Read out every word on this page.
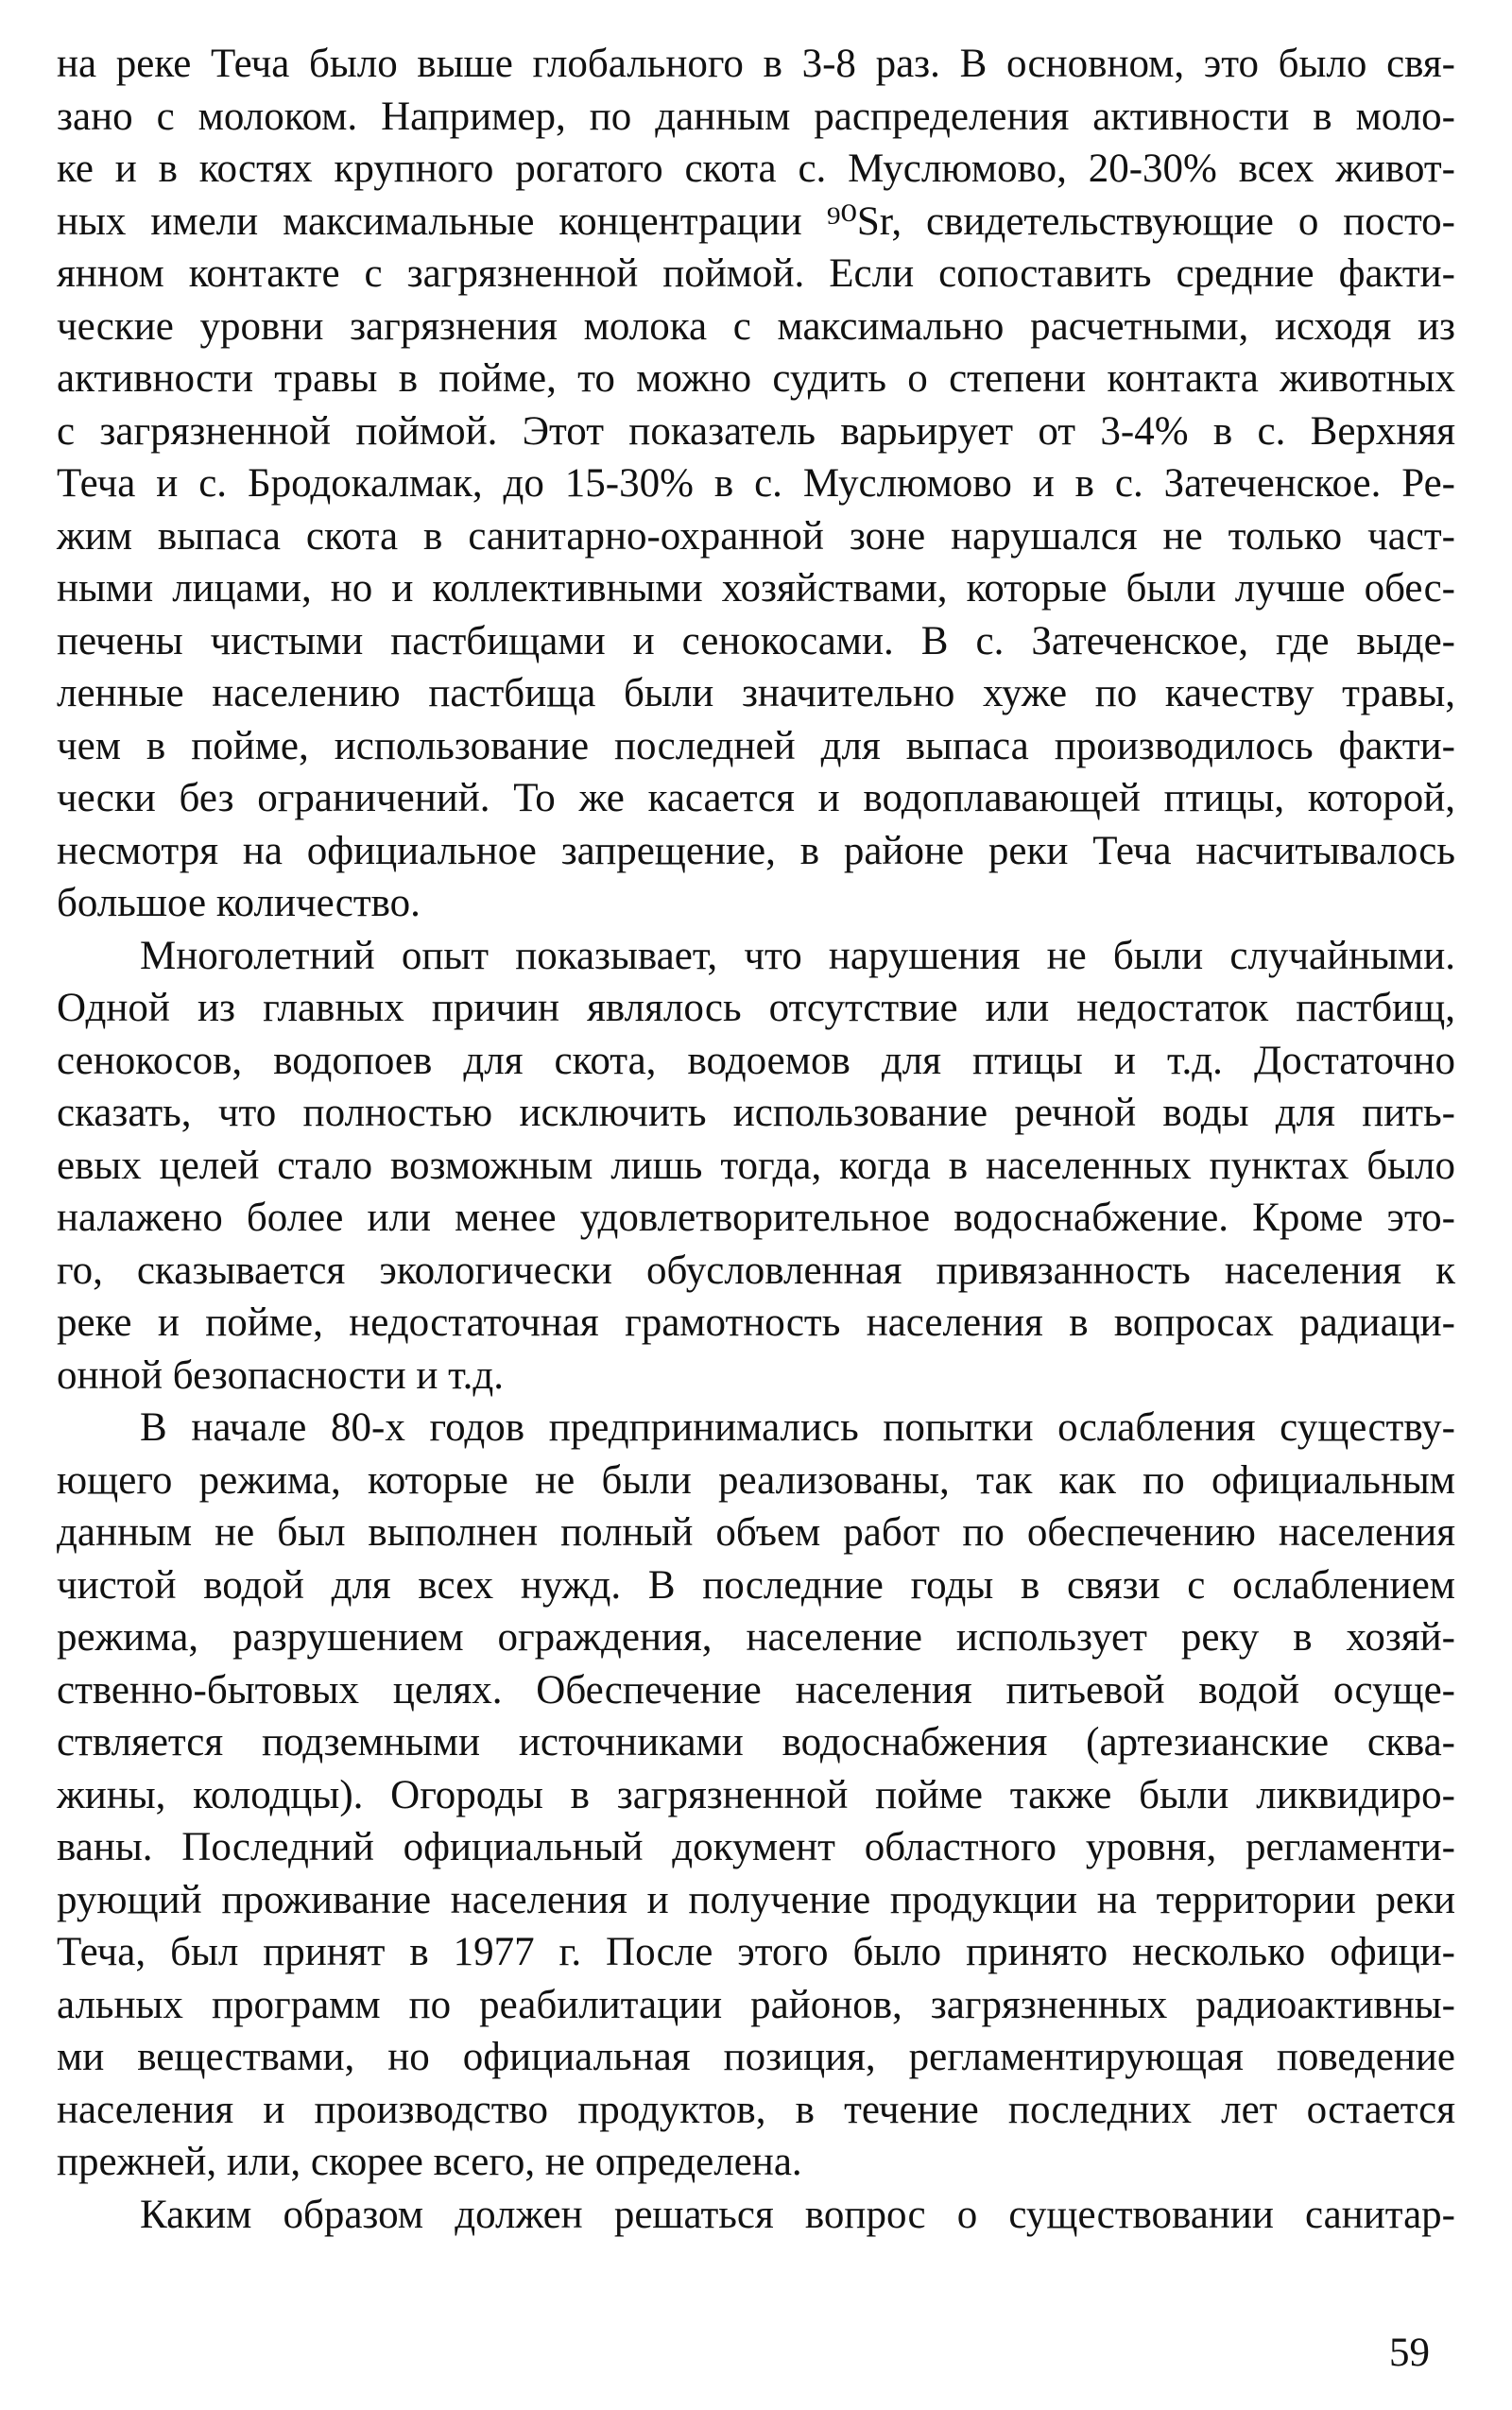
на реке Теча было выше глобального в 3-8 раз. В основном, это было свя-
зано с молоком. Например, по данным распределения активности в моло-
ке и в костях крупного рогатого скота с. Муслюмово, 20-30% всех живот-
ных имели максимальные концентрации ⁹⁰Sr, свидетельствующие о посто-
янном контакте с загрязненной поймой. Если сопоставить средние факти-
ческие уровни загрязнения молока с максимально расчетными, исходя из
активности травы в пойме, то можно судить о степени контакта животных
с загрязненной поймой. Этот показатель варьирует от 3-4% в с. Верхняя
Теча и с. Бродокалмак, до 15-30% в с. Муслюмово и в с. Затеченское. Ре-
жим выпаса скота в санитарно-охранной зоне нарушался не только част-
ными лицами, но и коллективными хозяйствами, которые были лучше обес-
печены чистыми пастбищами и сенокосами. В с. Затеченское, где выде-
ленные населению пастбища были значительно хуже по качеству травы,
чем в пойме, использование последней для выпаса производилось факти-
чески без ограничений. То же касается и водоплавающей птицы, которой,
несмотря на официальное запрещение, в районе реки Теча насчитывалось
большое количество.

Многолетний опыт показывает, что нарушения не были случайными.
Одной из главных причин являлось отсутствие или недостаток пастбищ,
сенокосов, водопоев для скота, водоемов для птицы и т.д. Достаточно
сказать, что полностью исключить использование речной воды для пить-
евых целей стало возможным лишь тогда, когда в населенных пунктах было
налажено более или менее удовлетворительное водоснабжение. Кроме это-
го, сказывается экологически обусловленная привязанность населения к
реке и пойме, недостаточная грамотность населения в вопросах радиаци-
онной безопасности и т.д.

В начале 80-х годов предпринимались попытки ослабления существу-
ющего режима, которые не были реализованы, так как по официальным
данным не был выполнен полный объем работ по обеспечению населения
чистой водой для всех нужд. В последние годы в связи с ослаблением
режима, разрушением ограждения, население использует реку в хозяй-
ственно-бытовых целях. Обеспечение населения питьевой водой осуще-
ствляется подземными источниками водоснабжения (артезианские сква-
жины, колодцы). Огороды в загрязненной пойме также были ликвидиро-
ваны. Последний официальный документ областного уровня, регламенти-
рующий проживание населения и получение продукции на территории реки
Теча, был принят в 1977 г. После этого было принято несколько офици-
альных программ по реабилитации районов, загрязненных радиоактивны-
ми веществами, но официальная позиция, регламентирующая поведение
населения и производство продуктов, в течение последних лет остается
прежней, или, скорее всего, не определена.

Каким образом должен решаться вопрос о существовании санитар-

59
